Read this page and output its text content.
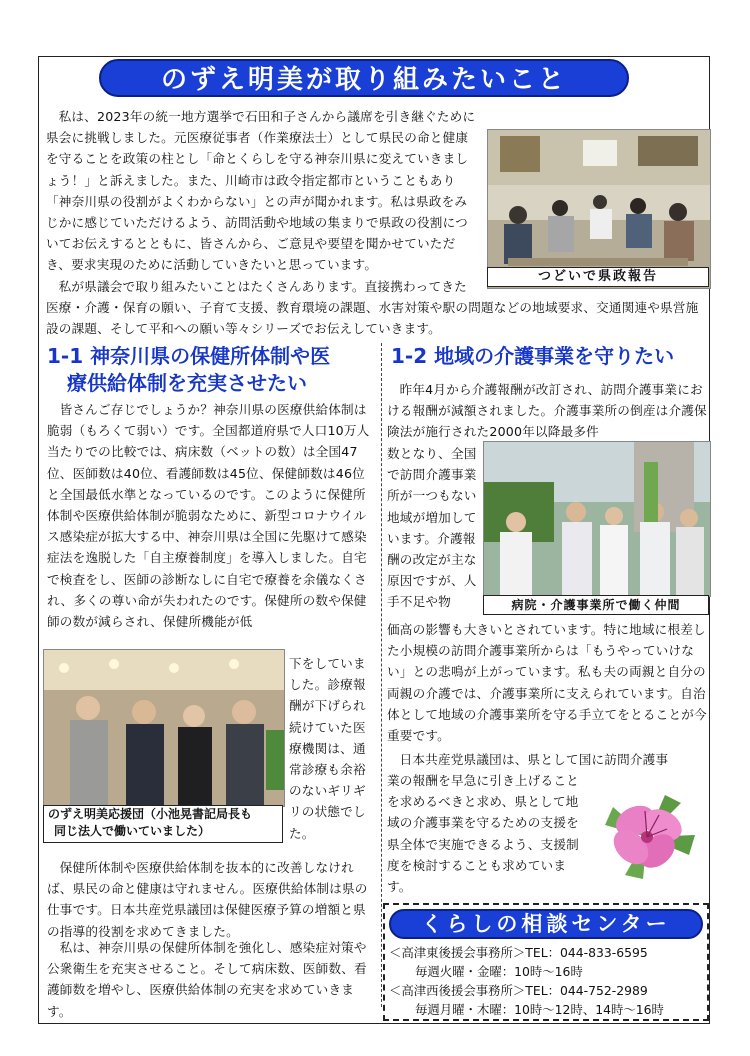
のずえ明美が取り組みたいこと
つどいで県政報告
1-1 神奈川県の保健所体制や医
療供給体制を充実させたい
1-2 地域の介護事業を守りたい
皆さんご存じでしょうか？神奈川県の医療供給体制は脆弱（もろくて弱い）です。全国都道府県で人口10万人当たりでの比較では、病床数（ベットの数）は全国47位、医師数は40位、看護師数は45位、保健師数は46位と全国最低水準となっているのです。このように保健所体制や医療供給体制が脆弱なために、新型コロナウイルス感染症が拡大する中、神奈川県は全国に先駆けて感染症法を逸脱した「自主療養制度」を導入しました。自宅で検査をし、医師の診断なしに自宅で療養を余儀なくされ、多くの尊い命が失われたのです。保健所の数や保健師の数が減らされ、保健所機能が低
のずえ明美応援団（小池晃書記局長も
同じ法人で働いていました）
下をしていました。診療報酬が下げられ続けていた医療機関は、通常診療も余裕のないギリギリの状態でした。
保健所体制や医療供給体制を抜本的に改善しなければ、県民の命と健康は守れません。医療供給体制は県の仕事です。日本共産党県議団は保健医療予算の増額と県の指導的役割を求めてきました。
私は、神奈川県の保健所体制を強化し、感染症対策や公衆衛生を充実させること。そして病床数、医師数、看護師数を増やし、医療供給体制の充実を求めていきます。
昨年4月から介護報酬が改訂され、訪問介護事業における報酬が減額されました。介護事業所の倒産は介護保険法が施行された2000年以降最多件
数となり、全国で訪問介護事業所が一つもない地域が増加しています。介護報酬の改定が主な原因ですが、人手不足や物	病院・介護事業所で働く仲間
価高の影響も大きいとされています。特に地域に根差した小規模の訪問介護事業所からは「もうやっていけない」との悲鳴が上がっています。私も夫の両親と自分の両親の介護では、介護事業所に支えられています。自治体として地域の介護事業所を守る手立てをとることが今重要です。
日本共産党県議団は、県として国に訪問介護事
業の報酬を早急に引き上げることを求めるべきと求め、県として地域の介護事業を守るための支援を県全体で実施できるよう、支援制度を検討することも求めています。
くらしの相談センター
＜高津東後援会事務所＞TEL：044-833-6595
毎週火曜・金曜：10時～16時
＜高津西後援会事務所＞TEL：044-752-2989
毎週月曜・木曜：10時～12時、14時～16時

私は、2023年の統一地方選挙で石田和子さんから議席を引き継ぐために県会に挑戦しました。元医療従事者（作業療法士）として県民の命と健康を守ることを政策の柱とし「命とくらしを守る神奈川県に変えていきましょう！」と訴えました。また、川崎市は政令指定都市ということもあり「神奈川県の役割がよくわからない」との声が聞かれます。私は県政をみじかに感じていただけるよう、訪問活動や地域の集まりで県政の役割についてお伝えするとともに、皆さんから、ご意見や要望を聞かせていただき、要求実現のために活動していきたいと思っています。

私が県議会で取り組みたいことはたくさんあります。直接携わってきた医療・介護・保育の願い、子育て支援、教育環境の課題、水害対策や駅の問題などの地域要求、交通関連や県営施設の課題、そして平和への願い等々シリーズでお伝えしていきます。
